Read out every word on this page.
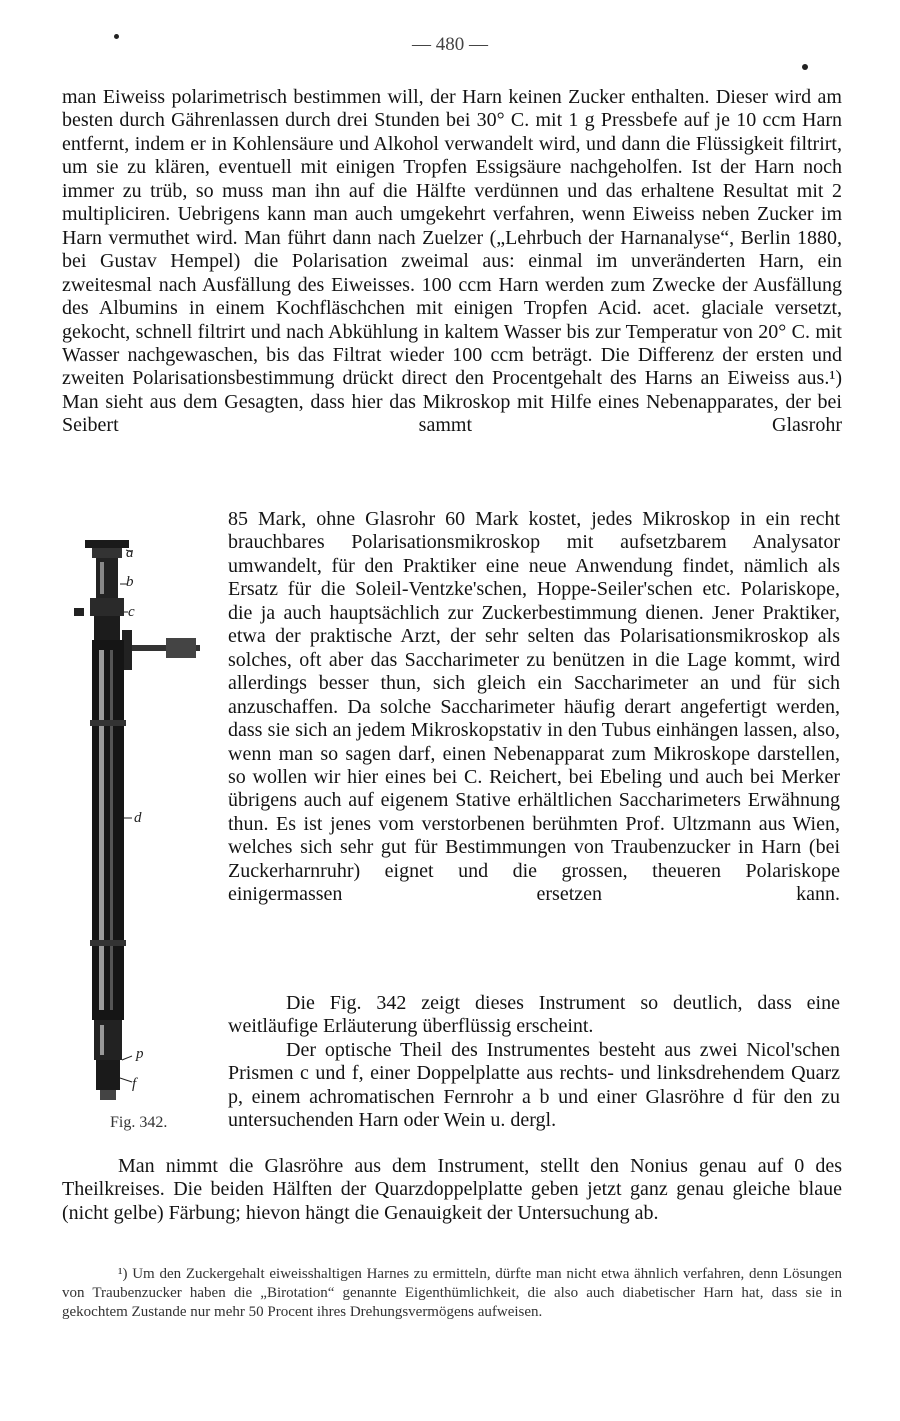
— 480 —

man Eiweiss polarimetrisch bestimmen will, der Harn keinen Zucker enthalten. Dieser wird am besten durch Gährenlassen durch drei Stunden bei 30° C. mit 1 g Pressbefe auf je 10 ccm Harn entfernt, indem er in Kohlensäure und Alkohol verwandelt wird, und dann die Flüssigkeit filtrirt, um sie zu klären, eventuell mit einigen Tropfen Essigsäure nachgeholfen. Ist der Harn noch immer zu trüb, so muss man ihn auf die Hälfte verdünnen und das erhaltene Resultat mit 2 multipliciren. Uebrigens kann man auch umgekehrt verfahren, wenn Eiweiss neben Zucker im Harn vermuthet wird. Man führt dann nach Zuelzer („Lehrbuch der Harnanalyse“, Berlin 1880, bei Gustav Hempel) die Polarisation zweimal aus: einmal im unveränderten Harn, ein zweitesmal nach Ausfällung des Eiweisses. 100 ccm Harn werden zum Zwecke der Ausfällung des Albumins in einem Kochfläschchen mit einigen Tropfen Acid. acet. glaciale versetzt, gekocht, schnell filtrirt und nach Abkühlung in kaltem Wasser bis zur Temperatur von 20° C. mit Wasser nachgewaschen, bis das Filtrat wieder 100 ccm beträgt. Die Differenz der ersten und zweiten Polarisationsbestimmung drückt direct den Procentgehalt des Harns an Eiweiss aus.¹) Man sieht aus dem Gesagten, dass hier das Mikroskop mit Hilfe eines Nebenapparates, der bei Seibert sammt Glasrohr

a
b
c
d
p
f
Fig. 342.

85 Mark, ohne Glasrohr 60 Mark kostet, jedes Mikroskop in ein recht brauchbares Polarisationsmikroskop mit aufsetzbarem Analysator umwandelt, für den Praktiker eine neue Anwendung findet, nämlich als Ersatz für die Soleil-Ventzke'schen, Hoppe-Seiler'schen etc. Polariskope, die ja auch hauptsächlich zur Zuckerbestimmung dienen. Jener Praktiker, etwa der praktische Arzt, der sehr selten das Polarisationsmikroskop als solches, oft aber das Saccharimeter zu benützen in die Lage kommt, wird allerdings besser thun, sich gleich ein Saccharimeter an und für sich anzuschaffen. Da solche Saccharimeter häufig derart angefertigt werden, dass sie sich an jedem Mikroskopstativ in den Tubus einhängen lassen, also, wenn man so sagen darf, einen Nebenapparat zum Mikroskope darstellen, so wollen wir hier eines bei C. Reichert, bei Ebeling und auch bei Merker übrigens auch auf eigenem Stative erhältlichen Saccharimeters Erwähnung thun. Es ist jenes vom verstorbenen berühmten Prof. Ultzmann aus Wien, welches sich sehr gut für Bestimmungen von Traubenzucker in Harn (bei Zuckerharnruhr) eignet und die grossen, theueren Polariskope einigermassen ersetzen kann.

Die Fig. 342 zeigt dieses Instrument so deutlich, dass eine weitläufige Erläuterung überflüssig erscheint.

Der optische Theil des Instrumentes besteht aus zwei Nicol'schen Prismen c und f, einer Doppelplatte aus rechts- und linksdrehendem Quarz p, einem achromatischen Fernrohr a b und einer Glasröhre d für den zu untersuchenden Harn oder Wein u. dergl.

Man nimmt die Glasröhre aus dem Instrument, stellt den Nonius genau auf 0 des Theilkreises. Die beiden Hälften der Quarzdoppelplatte geben jetzt ganz genau gleiche blaue (nicht gelbe) Färbung; hievon hängt die Genauigkeit der Untersuchung ab.

¹) Um den Zuckergehalt eiweisshaltigen Harnes zu ermitteln, dürfte man nicht etwa ähnlich verfahren, denn Lösungen von Traubenzucker haben die „Birotation“ genannte Eigenthümlichkeit, die also auch diabetischer Harn hat, dass sie in gekochtem Zustande nur mehr 50 Procent ihres Drehungsvermögens aufweisen.
